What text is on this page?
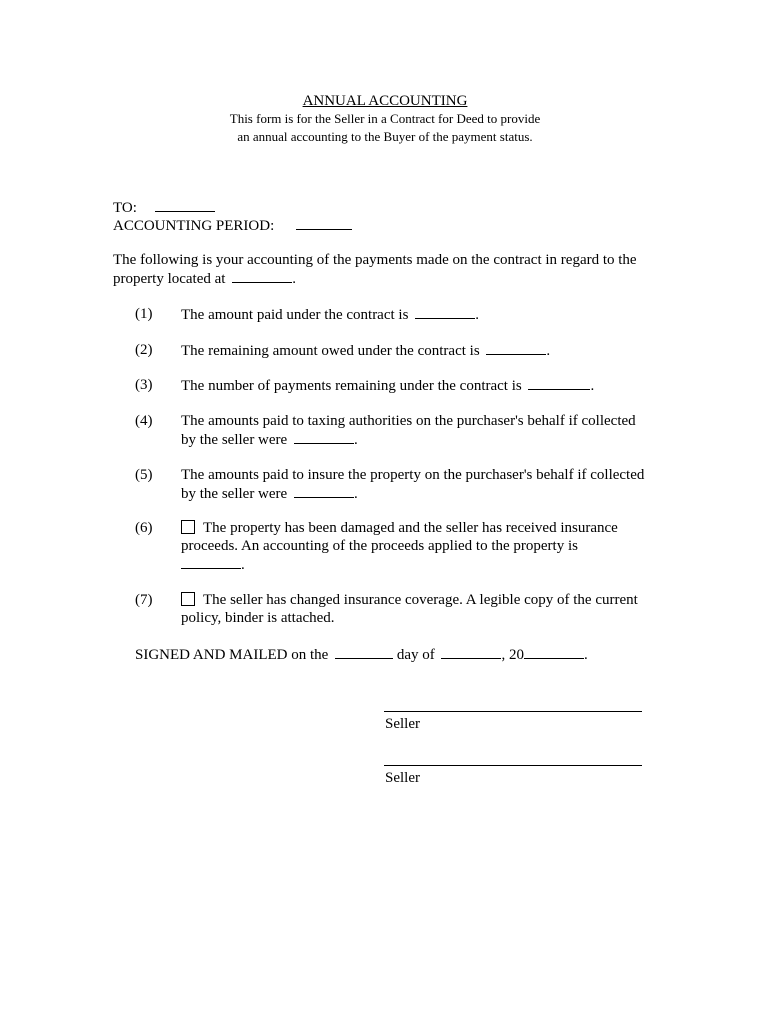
ANNUAL ACCOUNTING
This form is for the Seller in a Contract for Deed to provide
an annual accounting to the Buyer of the payment status.
TO:
ACCOUNTING PERIOD:
The following is your accounting of the payments made on the contract in regard to the
property located at	.
(1) The amount paid under the contract is	.
(2) The remaining amount owed under the contract is	.
(3) The number of payments remaining under the contract is	.
(4) The amounts paid to taxing authorities on the purchaser's behalf if collected
by the seller were	.
(5) The amounts paid to insure the property on the purchaser's behalf if collected
by the seller were	.
(6)	The property has been damaged and the seller has received insurance
proceeds. An accounting of the proceeds applied to the property is
.
(7)	The seller has changed insurance coverage. A legible copy of the current
policy, binder is attached.
SIGNED AND MAILED on the	day of	, 20	.
Seller
Seller
